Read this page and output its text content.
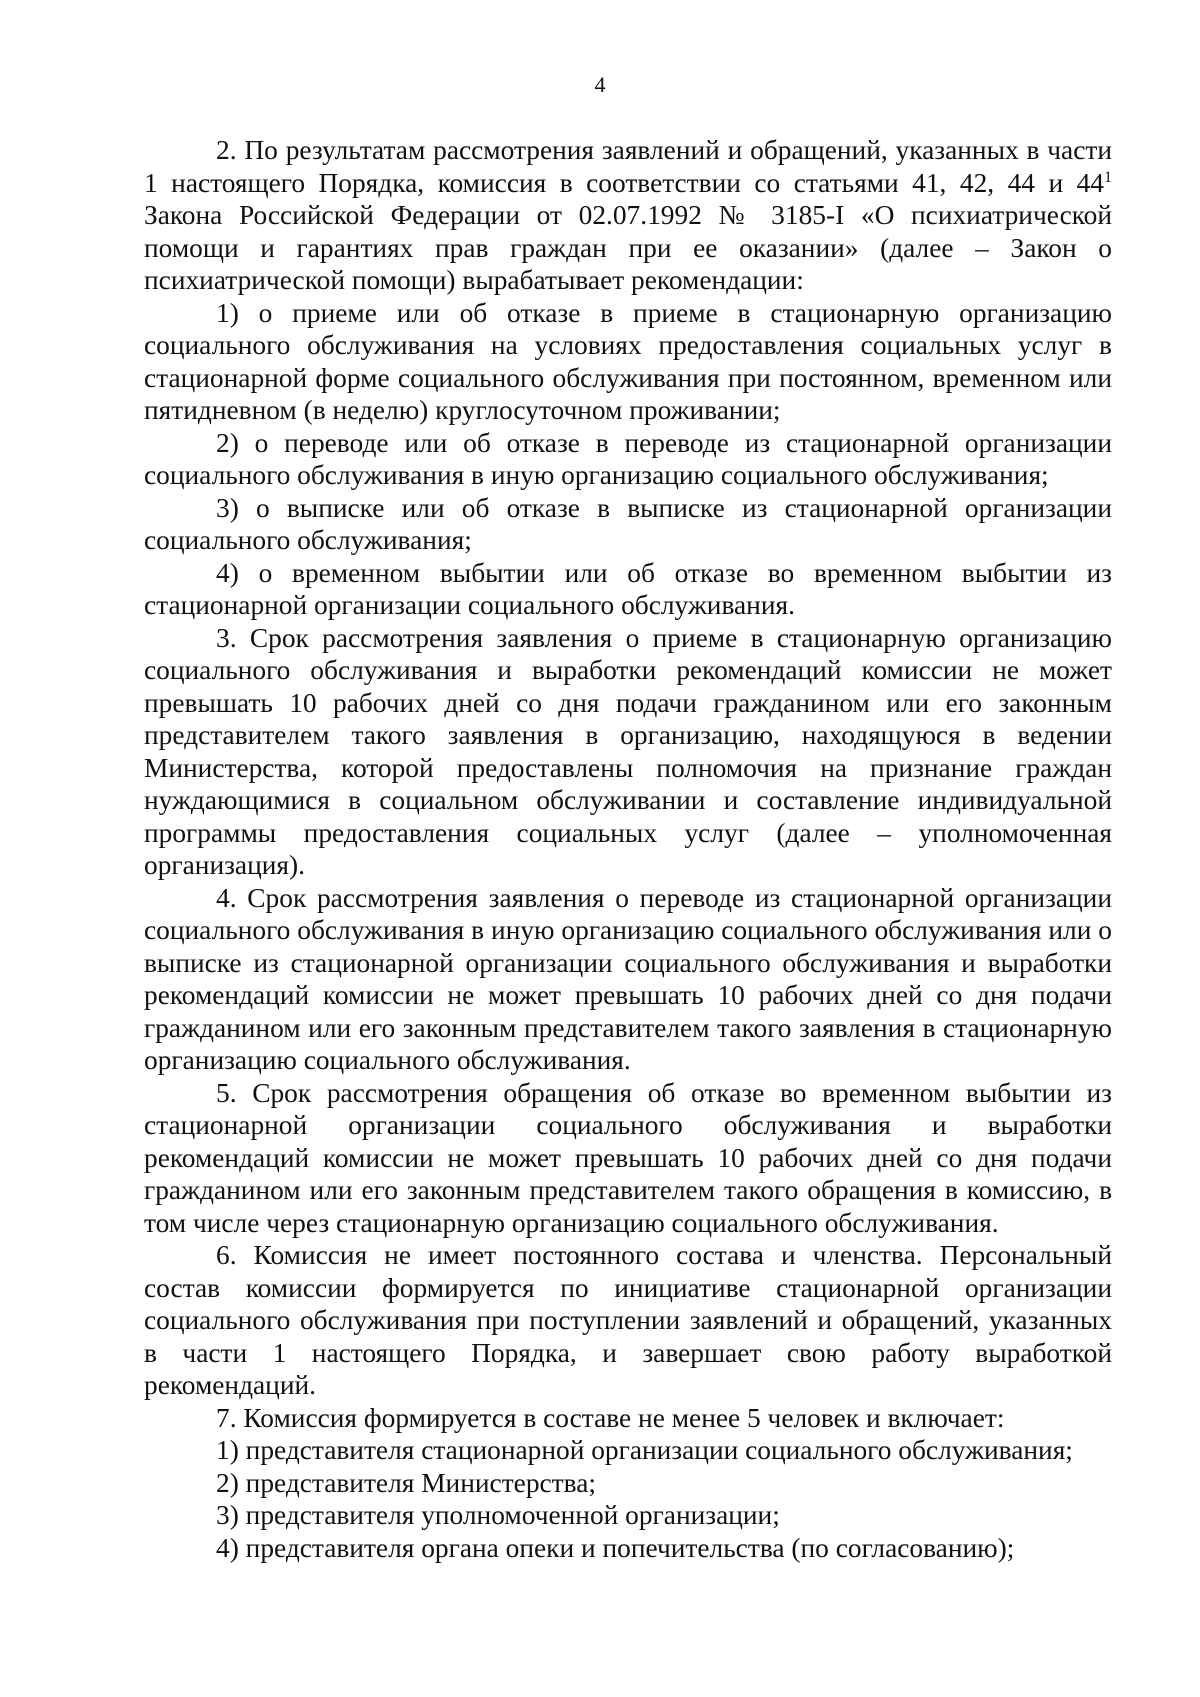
4

2. По результатам рассмотрения заявлений и обращений, указанных в части 1 настоящего Порядка, комиссия в соответствии со статьями 41, 42, 44 и 44$^1$ Закона Российской Федерации от 02.07.1992 № 3185-I «О психиатрической помощи и гарантиях прав граждан при ее оказании» (далее – Закон о психиатрической помощи) вырабатывает рекомендации:

1) о приеме или об отказе в приеме в стационарную организацию социального обслуживания на условиях предоставления социальных услуг в стационарной форме социального обслуживания при постоянном, временном или пятидневном (в неделю) круглосуточном проживании;

2) о переводе или об отказе в переводе из стационарной организации социального обслуживания в иную организацию социального обслуживания;

3) о выписке или об отказе в выписке из стационарной организации социального обслуживания;

4) о временном выбытии или об отказе во временном выбытии из стационарной организации социального обслуживания.

3. Срок рассмотрения заявления о приеме в стационарную организацию социального обслуживания и выработки рекомендаций комиссии не может превышать 10 рабочих дней со дня подачи гражданином или его законным представителем такого заявления в организацию, находящуюся в ведении Министерства, которой предоставлены полномочия на признание граждан нуждающимися в социальном обслуживании и составление индивидуальной программы предоставления социальных услуг (далее – уполномоченная организация).

4. Срок рассмотрения заявления о переводе из стационарной организации социального обслуживания в иную организацию социального обслуживания или о выписке из стационарной организации социального обслуживания и выработки рекомендаций комиссии не может превышать 10 рабочих дней со дня подачи гражданином или его законным представителем такого заявления в стационарную организацию социального обслуживания.

5. Срок рассмотрения обращения об отказе во временном выбытии из стационарной организации социального обслуживания и выработки рекомендаций комиссии не может превышать 10 рабочих дней со дня подачи гражданином или его законным представителем такого обращения в комиссию, в том числе через стационарную организацию социального обслуживания.

6. Комиссия не имеет постоянного состава и членства. Персональный состав комиссии формируется по инициативе стационарной организации социального обслуживания при поступлении заявлений и обращений, указанных в части 1 настоящего Порядка, и завершает свою работу выработкой рекомендаций.

7. Комиссия формируется в составе не менее 5 человек и включает:

1) представителя стационарной организации социального обслуживания;

2) представителя Министерства;

3) представителя уполномоченной организации;

4) представителя органа опеки и попечительства (по согласованию);
